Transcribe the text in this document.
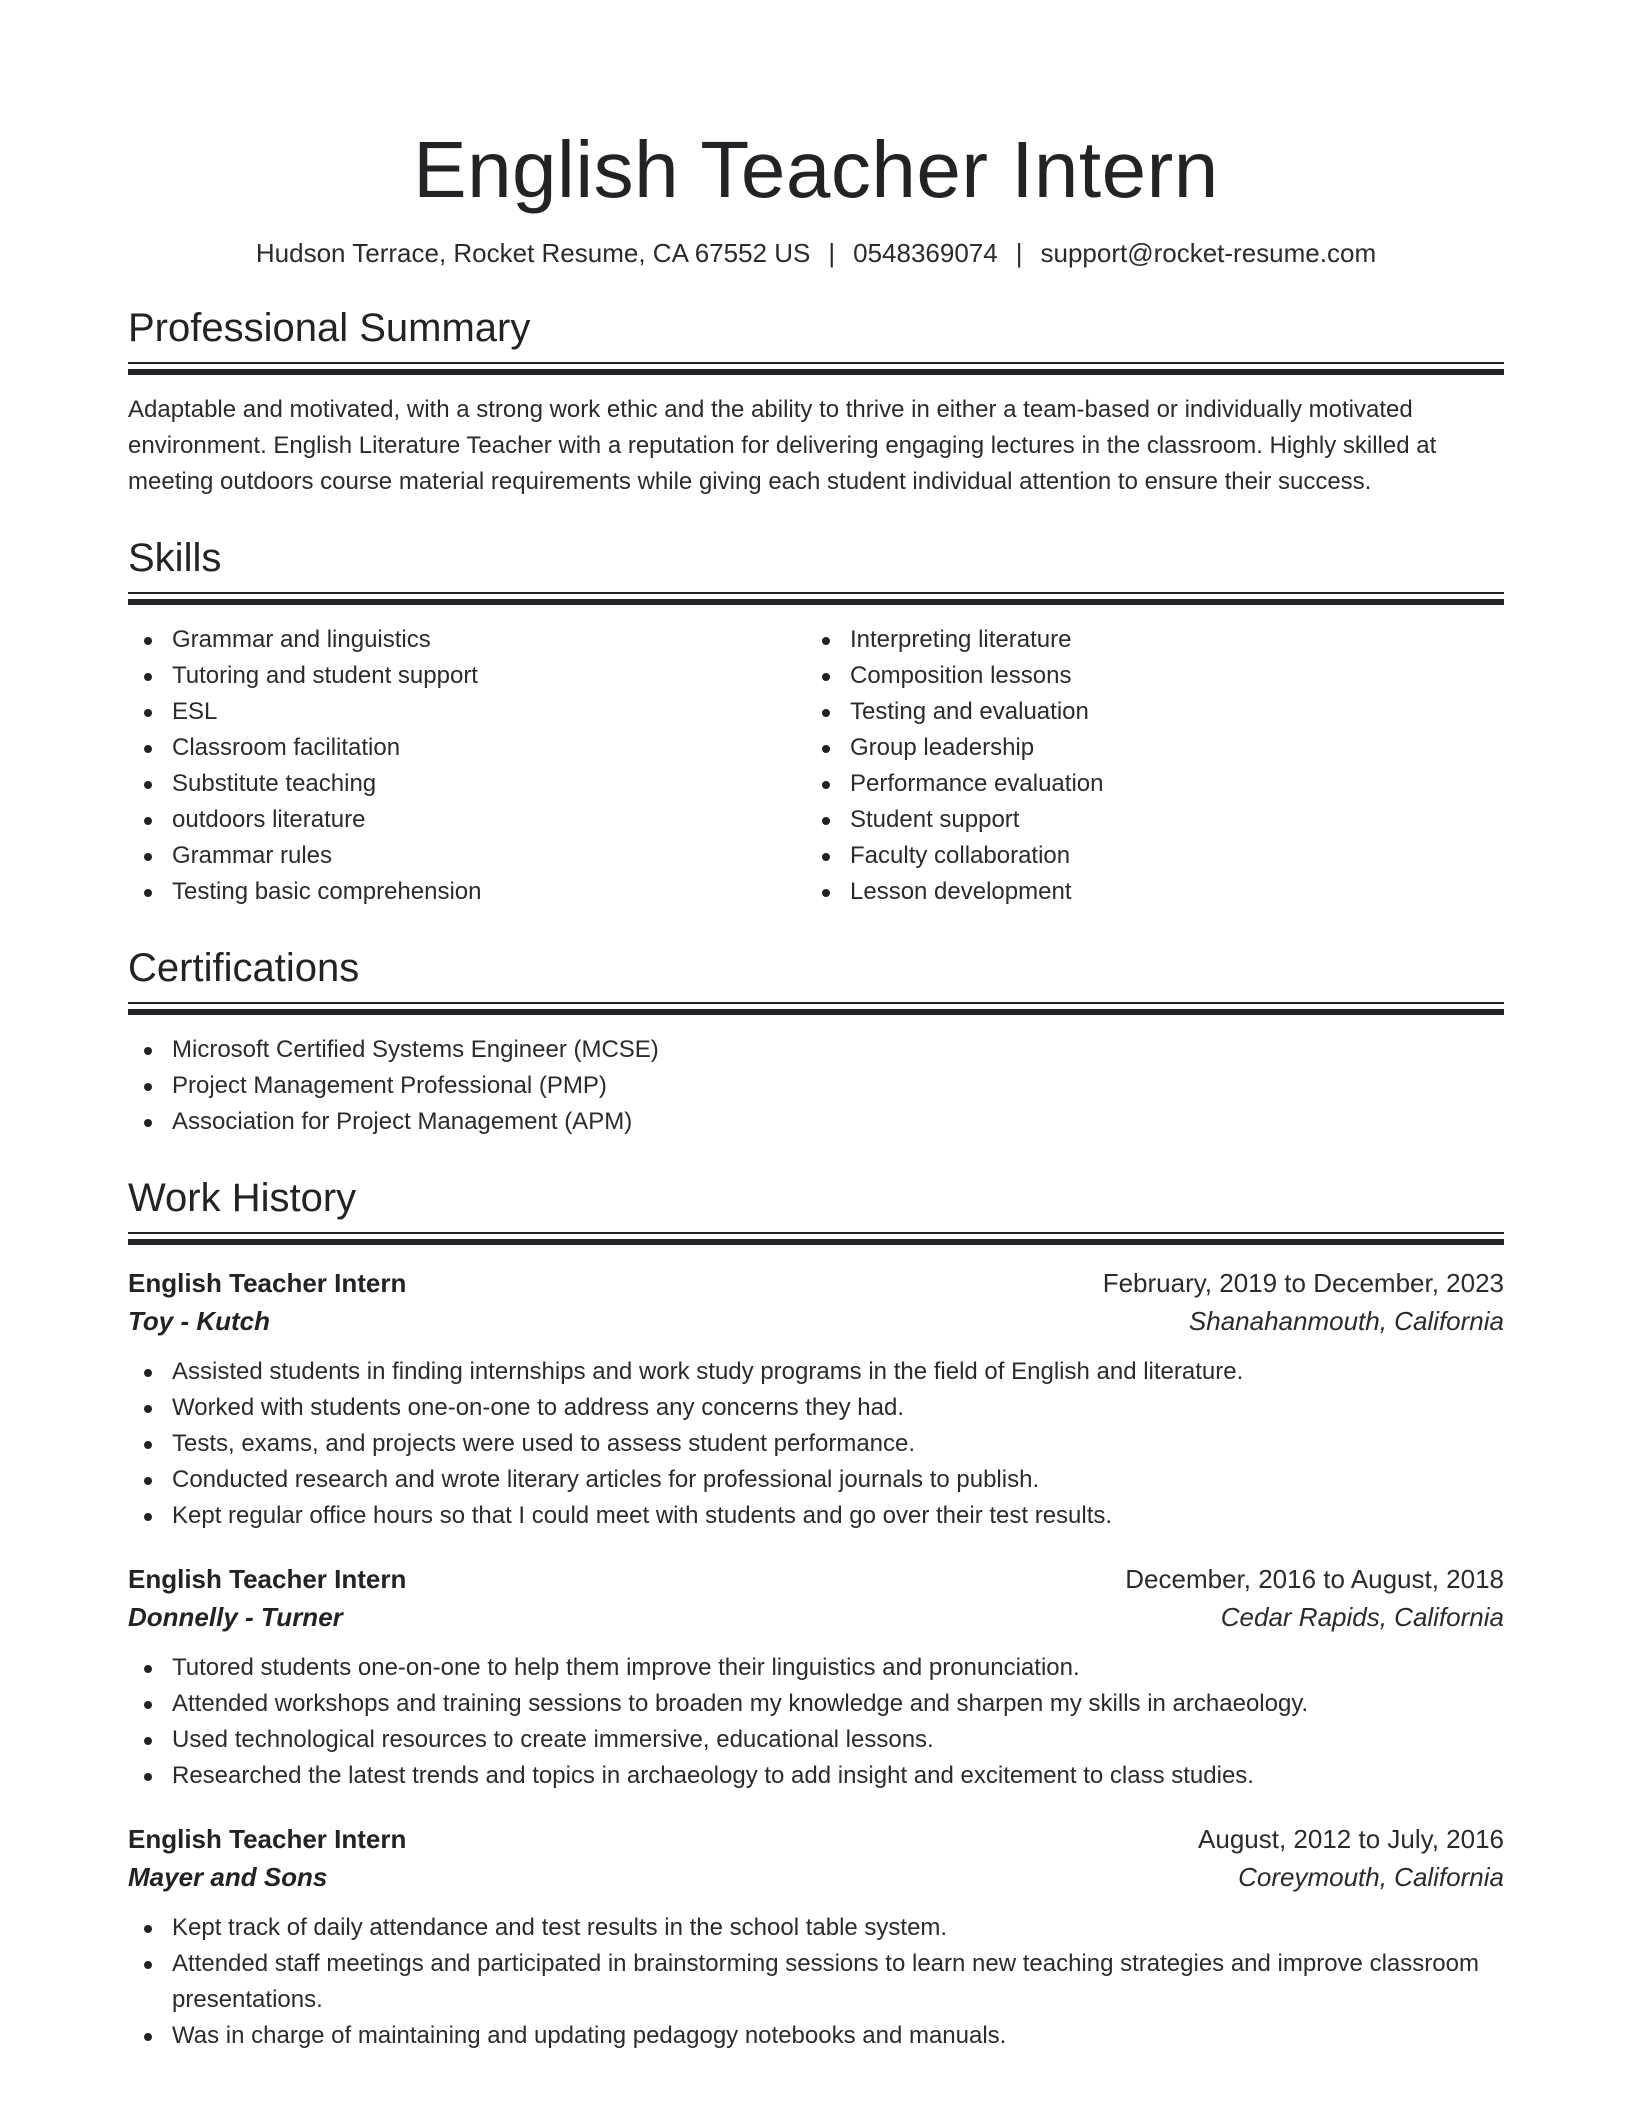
English Teacher Intern
Hudson Terrace, Rocket Resume, CA 67552 US | 0548369074 | support@rocket-resume.com
Professional Summary

Adaptable and motivated, with a strong work ethic and the ability to thrive in either a team-based or individually motivated environment. English Literature Teacher with a reputation for delivering engaging lectures in the classroom. Highly skilled at meeting outdoors course material requirements while giving each student individual attention to ensure their success.

Skills
Grammar and linguistics
Tutoring and student support
ESL
Classroom facilitation
Substitute teaching
outdoors literature
Grammar rules
Testing basic comprehension
Interpreting literature
Composition lessons
Testing and evaluation
Group leadership
Performance evaluation
Student support
Faculty collaboration
Lesson development
Certifications
Microsoft Certified Systems Engineer (MCSE)
Project Management Professional (PMP)
Association for Project Management (APM)
Work History
English Teacher Intern	February, 2019 to December, 2023
Toy - Kutch	Shanahanmouth, California
Assisted students in finding internships and work study programs in the field of English and literature.
Worked with students one-on-one to address any concerns they had.
Tests, exams, and projects were used to assess student performance.
Conducted research and wrote literary articles for professional journals to publish.
Kept regular office hours so that I could meet with students and go over their test results.
English Teacher Intern	December, 2016 to August, 2018
Donnelly - Turner	Cedar Rapids, California
Tutored students one-on-one to help them improve their linguistics and pronunciation.
Attended workshops and training sessions to broaden my knowledge and sharpen my skills in archaeology.
Used technological resources to create immersive, educational lessons.
Researched the latest trends and topics in archaeology to add insight and excitement to class studies.
English Teacher Intern	August, 2012 to July, 2016
Mayer and Sons	Coreymouth, California
Kept track of daily attendance and test results in the school table system.
Attended staff meetings and participated in brainstorming sessions to learn new teaching strategies and improve classroom presentations.
Was in charge of maintaining and updating pedagogy notebooks and manuals.
